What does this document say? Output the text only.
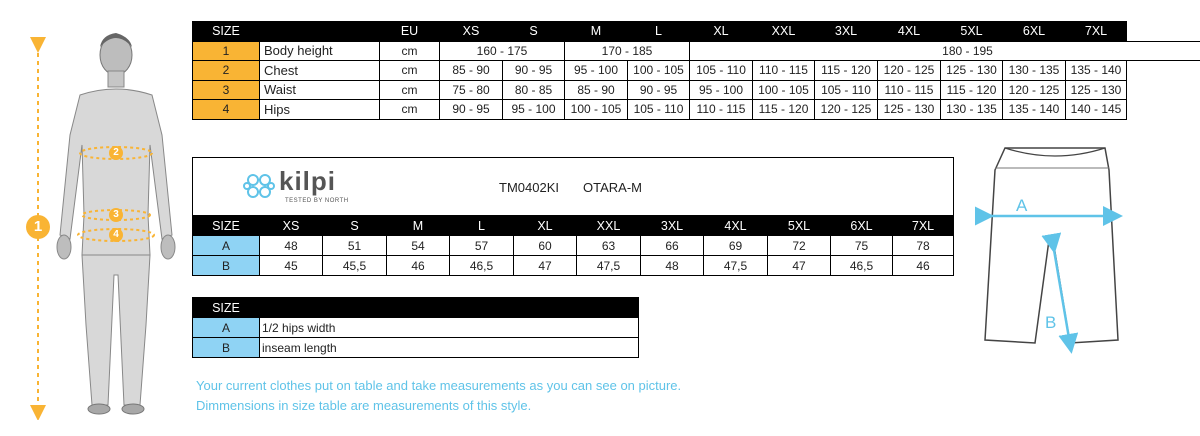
1
2
3
4
SIZE		EU	XS	S	M	L	XL	XXL	3XL	4XL	5XL	6XL	7XL
1	Body height	cm	160 - 175		170 - 185		180 - 195						
2	Chest	cm	85 - 90	90 - 95	95 - 100	100 - 105	105 - 110	110 - 115	115 - 120	120 - 125	125 - 130	130 - 135	135 - 140
3	Waist	cm	75 - 80	80 - 85	85 - 90	90 - 95	95 - 100	100 - 105	105 - 110	110 - 115	115 - 120	120 - 125	125 - 130
4	Hips	cm	90 - 95	95 - 100	100 - 105	105 - 110	110 - 115	115 - 120	120 - 125	125 - 130	130 - 135	135 - 140	140 - 145
kilpi
TESTED BY NORTH
TM0402KI OTARA-M
SIZE	XS	S	M	L	XL	XXL	3XL	4XL	5XL	6XL	7XL
A	48	51	54	57	60	63	66	69	72	75	78
B	45	45,5	46	46,5	47	47,5	48	47,5	47	46,5	46
SIZE	
A	1/2 hips width
B	inseam length
Your current clothes put on table and take measurements as you can see on picture.
Dimmensions in size table are measurements of this style.
A
B
